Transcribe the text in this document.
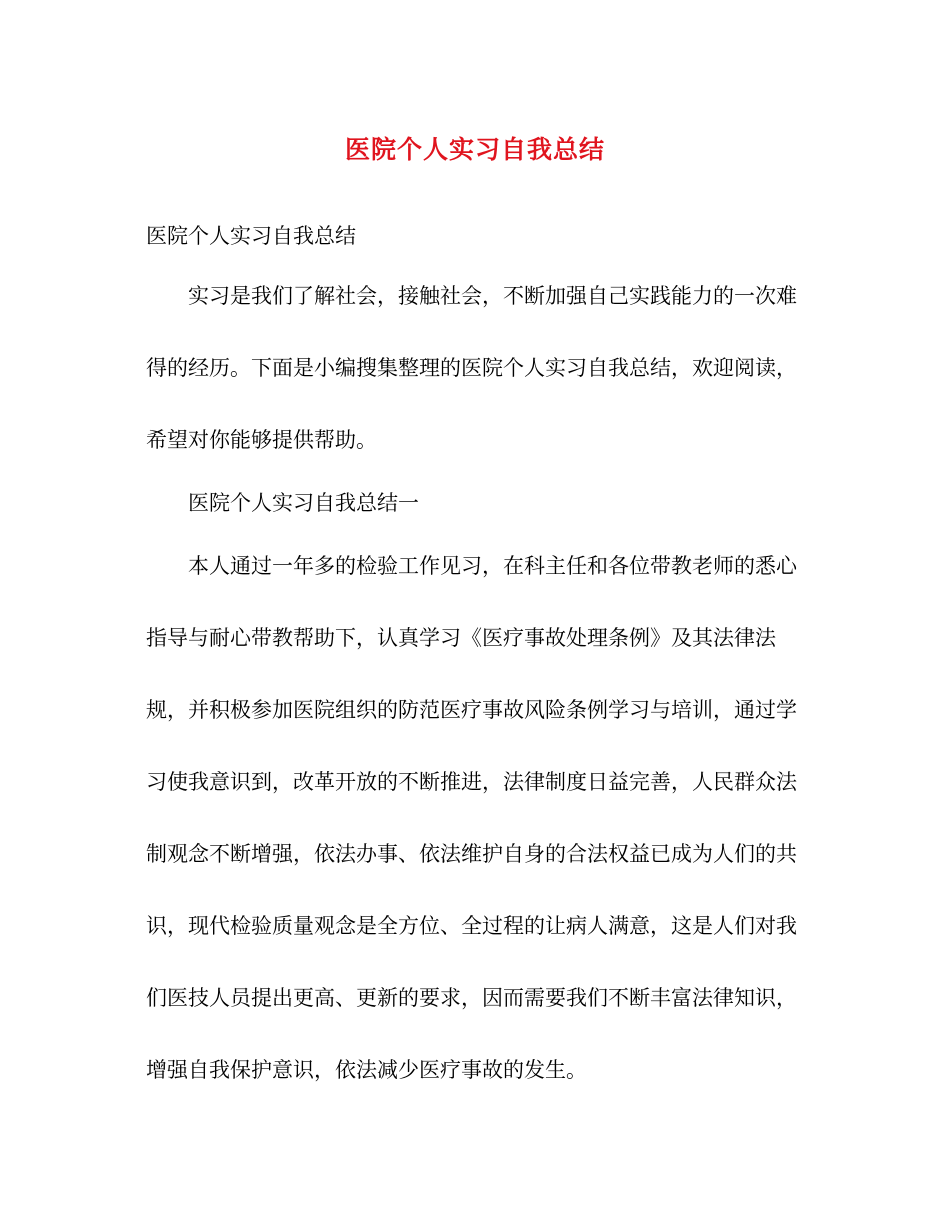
医院个人实习自我总结

医院个人实习自我总结

实习是我们了解社会，接触社会，不断加强自己实践能力的一次难得的经历。下面是小编搜集整理的医院个人实习自我总结，欢迎阅读，希望对你能够提供帮助。

医院个人实习自我总结一

本人通过一年多的检验工作见习，在科主任和各位带教老师的悉心指导与耐心带教帮助下，认真学习《医疗事故处理条例》及其法律法规，并积极参加医院组织的防范医疗事故风险条例学习与培训，通过学习使我意识到，改革开放的不断推进，法律制度日益完善，人民群众法制观念不断增强，依法办事、依法维护自身的合法权益已成为人们的共识，现代检验质量观念是全方位、全过程的让病人满意，这是人们对我们医技人员提出更高、更新的要求，因而需要我们不断丰富法律知识，增强自我保护意识，依法减少医疗事故的发生。
